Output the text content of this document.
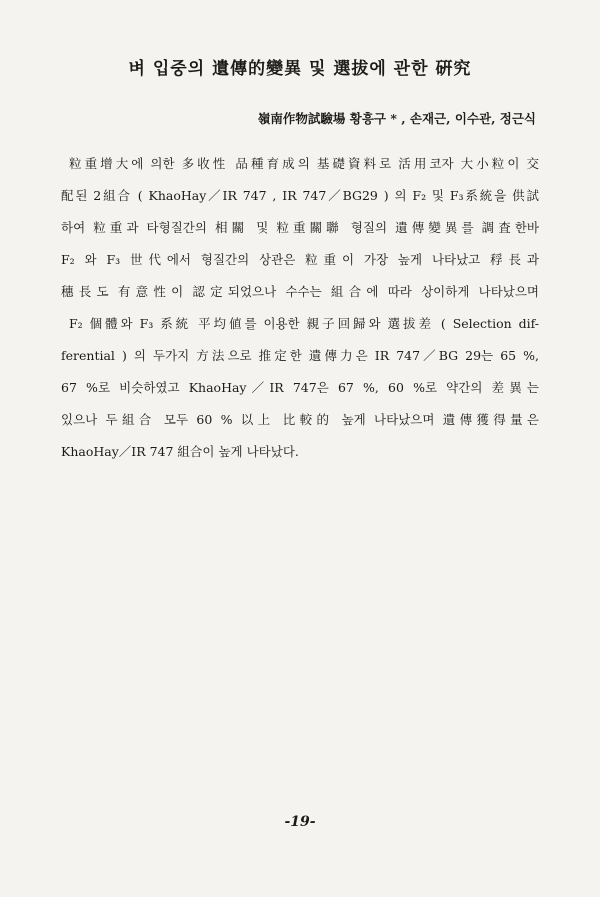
벼 입중의 遺傳的變異 및 選拔에 관한 硏究
嶺南作物試驗場 황흥구 * , 손재근, 이수관, 정근식
粒重增大에 의한 多收性 品種育成의 基礎資料로 活用코자 大小粒이 交
配된 2組合 ( KhaoHay／IR 747 , IR 747／BG29 ) 의 F₂ 및 F₃系統을 供試
하여 粒重과 타형질간의 相關 및 粒重關聯 형질의 遺傳變異를 調査한바
F₂ 와 F₃ 世代에서 형질간의 상관은 粒重이 가장 높게 나타났고 稃長과
穗長도 有意性이 認定되었으나 수수는 組合에 따라 상이하게 나타났으며
F₂ 個體와 F₃ 系統 平均値를 이용한 親子回歸와 選拔差 ( Selection dif-
ferential ) 의 두가지 方法으로 推定한 遺傳力은 IR 747／BG 29는 65 %,
67 %로 비슷하였고 KhaoHay／IR 747은 67 %, 60 %로 약간의 差異는
있으나 두組合 모두 60 % 以上 比較的 높게 나타났으며 遺傳獲得量은
KhaoHay／IR 747 組合이 높게 나타났다.
-19-
